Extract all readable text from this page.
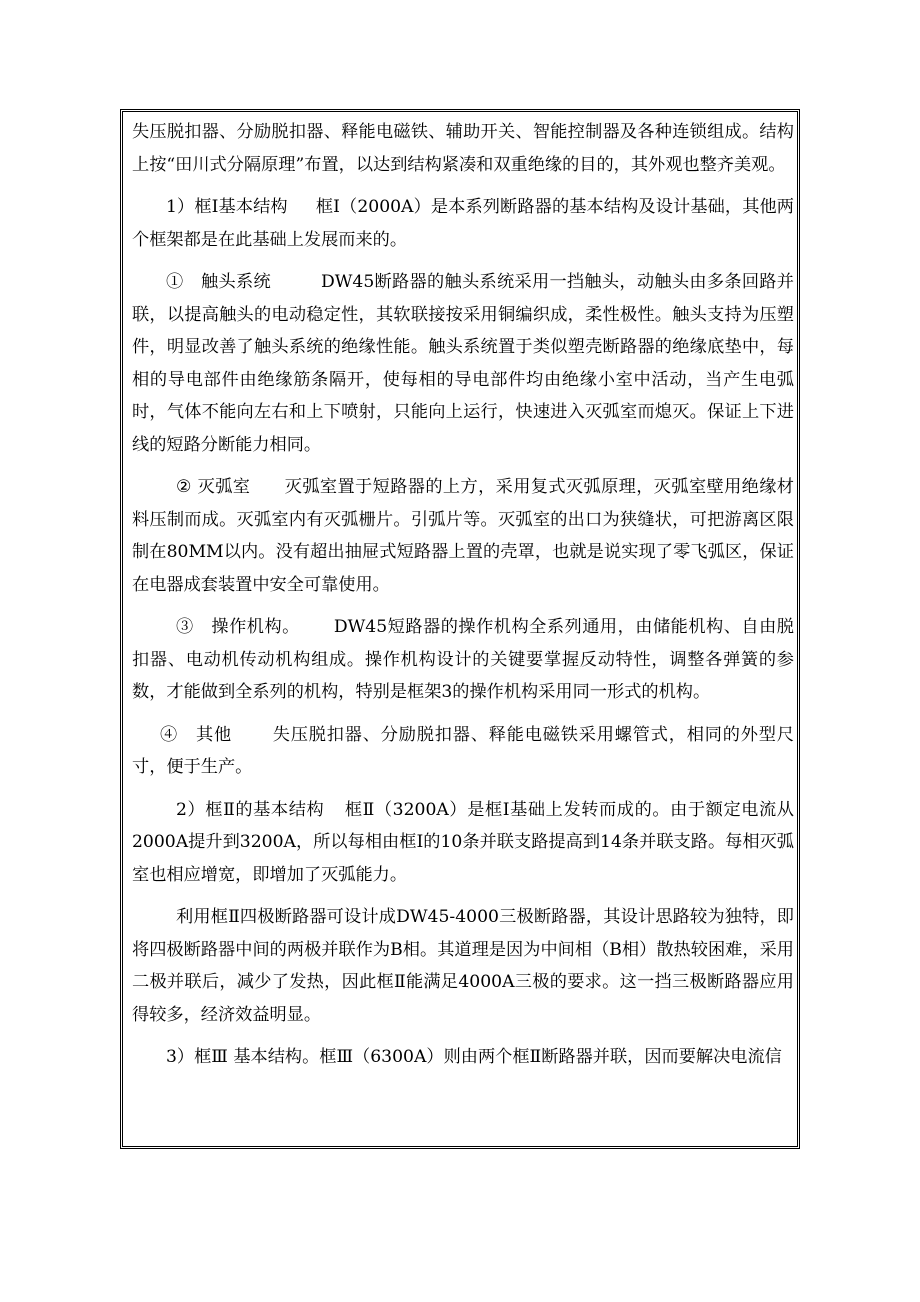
失压脱扣器、分励脱扣器、释能电磁铁、辅助开关、智能控制器及各种连锁组成。结构上按“田川式分隔原理”布置，以达到结构紧凑和双重绝缘的目的，其外观也整齐美观。

1）框Ⅰ基本结构 框Ⅰ（2000A）是本系列断路器的基本结构及设计基础，其他两个框架都是在此基础上发展而来的。

①　触头系统	DW45断路器的触头系统采用一挡触头，动触头由多条回路并联，以提高触头的电动稳定性，其软联接按采用铜编织成，柔性极性。触头支持为压塑件，明显改善了触头系统的绝缘性能。触头系统置于类似塑壳断路器的绝缘底垫中，每相的导电部件由绝缘筋条隔开，使每相的导电部件均由绝缘小室中活动，当产生电弧时，气体不能向左右和上下喷射，只能向上运行，快速进入灭弧室而熄灭。保证上下进线的短路分断能力相同。

② 灭弧室 灭弧室置于短路器的上方，采用复式灭弧原理，灭弧室壁用绝缘材料压制而成。灭弧室内有灭弧栅片。引弧片等。灭弧室的出口为狭缝状，可把游离区限制在80MM以内。没有超出抽屉式短路器上置的壳罩，也就是说实现了零飞弧区，保证在电器成套装置中安全可靠使用。

③　操作机构。 DW45短路器的操作机构全系列通用，由储能机构、自由脱扣器、电动机传动机构组成。操作机构设计的关键要掌握反动特性，调整各弹簧的参数，才能做到全系列的机构，特别是框架3的操作机构采用同一形式的机构。

④　其他 失压脱扣器、分励脱扣器、释能电磁铁采用螺管式，相同的外型尺寸，便于生产。

2）框Ⅱ的基本结构 框Ⅱ（3200A）是框Ⅰ基础上发转而成的。由于额定电流从2000A提升到3200A，所以每相由框Ⅰ的10条并联支路提高到14条并联支路。每相灭弧室也相应增宽，即增加了灭弧能力。

利用框Ⅱ四极断路器可设计成DW45-4000三极断路器，其设计思路较为独特，即将四极断路器中间的两极并联作为B相。其道理是因为中间相（B相）散热较困难，采用二极并联后，减少了发热，因此框Ⅱ能满足4000A三极的要求。这一挡三极断路器应用得较多，经济效益明显。

3）框Ⅲ 基本结构。框Ⅲ（6300A）则由两个框Ⅱ断路器并联，因而要解决电流信
